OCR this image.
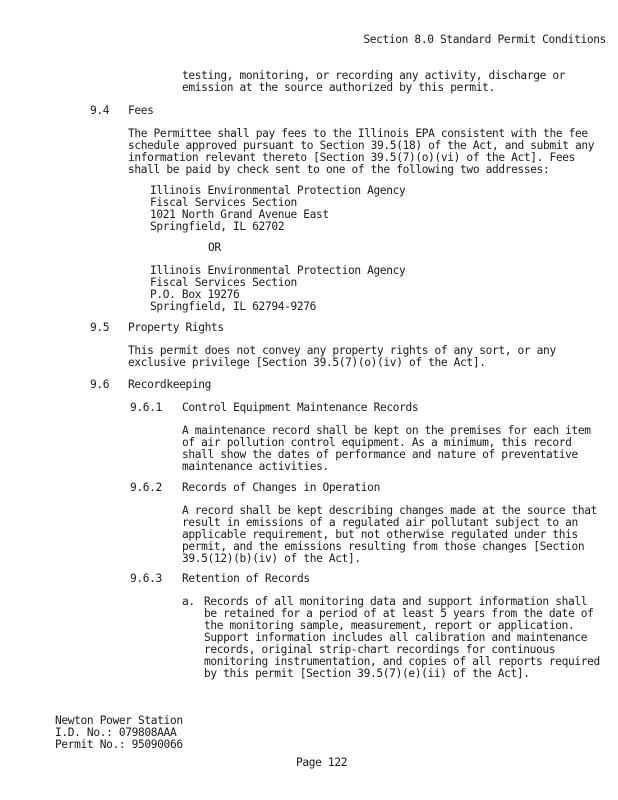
Section 8.0 Standard Permit Conditions
testing, monitoring, or recording any activity, discharge or
emission at the source authorized by this permit.
9.4 Fees
The Permittee shall pay fees to the Illinois EPA consistent with the fee
schedule approved pursuant to Section 39.5(18) of the Act, and submit any
information relevant thereto [Section 39.5(7)(o)(vi) of the Act]. Fees
shall be paid by check sent to one of the following two addresses:
Illinois Environmental Protection Agency
Fiscal Services Section
1021 North Grand Avenue East
Springfield, IL 62702
OR
Illinois Environmental Protection Agency
Fiscal Services Section
P.O. Box 19276
Springfield, IL 62794-9276
9.5 Property Rights
This permit does not convey any property rights of any sort, or any
exclusive privilege [Section 39.5(7)(o)(iv) of the Act].
9.6 Recordkeeping
9.6.1 Control Equipment Maintenance Records
A maintenance record shall be kept on the premises for each item
of air pollution control equipment. As a minimum, this record
shall show the dates of performance and nature of preventative
maintenance activities.
9.6.2 Records of Changes in Operation
A record shall be kept describing changes made at the source that
result in emissions of a regulated air pollutant subject to an
applicable requirement, but not otherwise regulated under this
permit, and the emissions resulting from those changes [Section
39.5(12)(b)(iv) of the Act].
9.6.3 Retention of Records
a. Records of all monitoring data and support information shall
be retained for a period of at least 5 years from the date of
the monitoring sample, measurement, report or application.
Support information includes all calibration and maintenance
records, original strip-chart recordings for continuous
monitoring instrumentation, and copies of all reports required
by this permit [Section 39.5(7)(e)(ii) of the Act].
Newton Power Station
I.D. No.: 079808AAA
Permit No.: 95090066
Page 122
